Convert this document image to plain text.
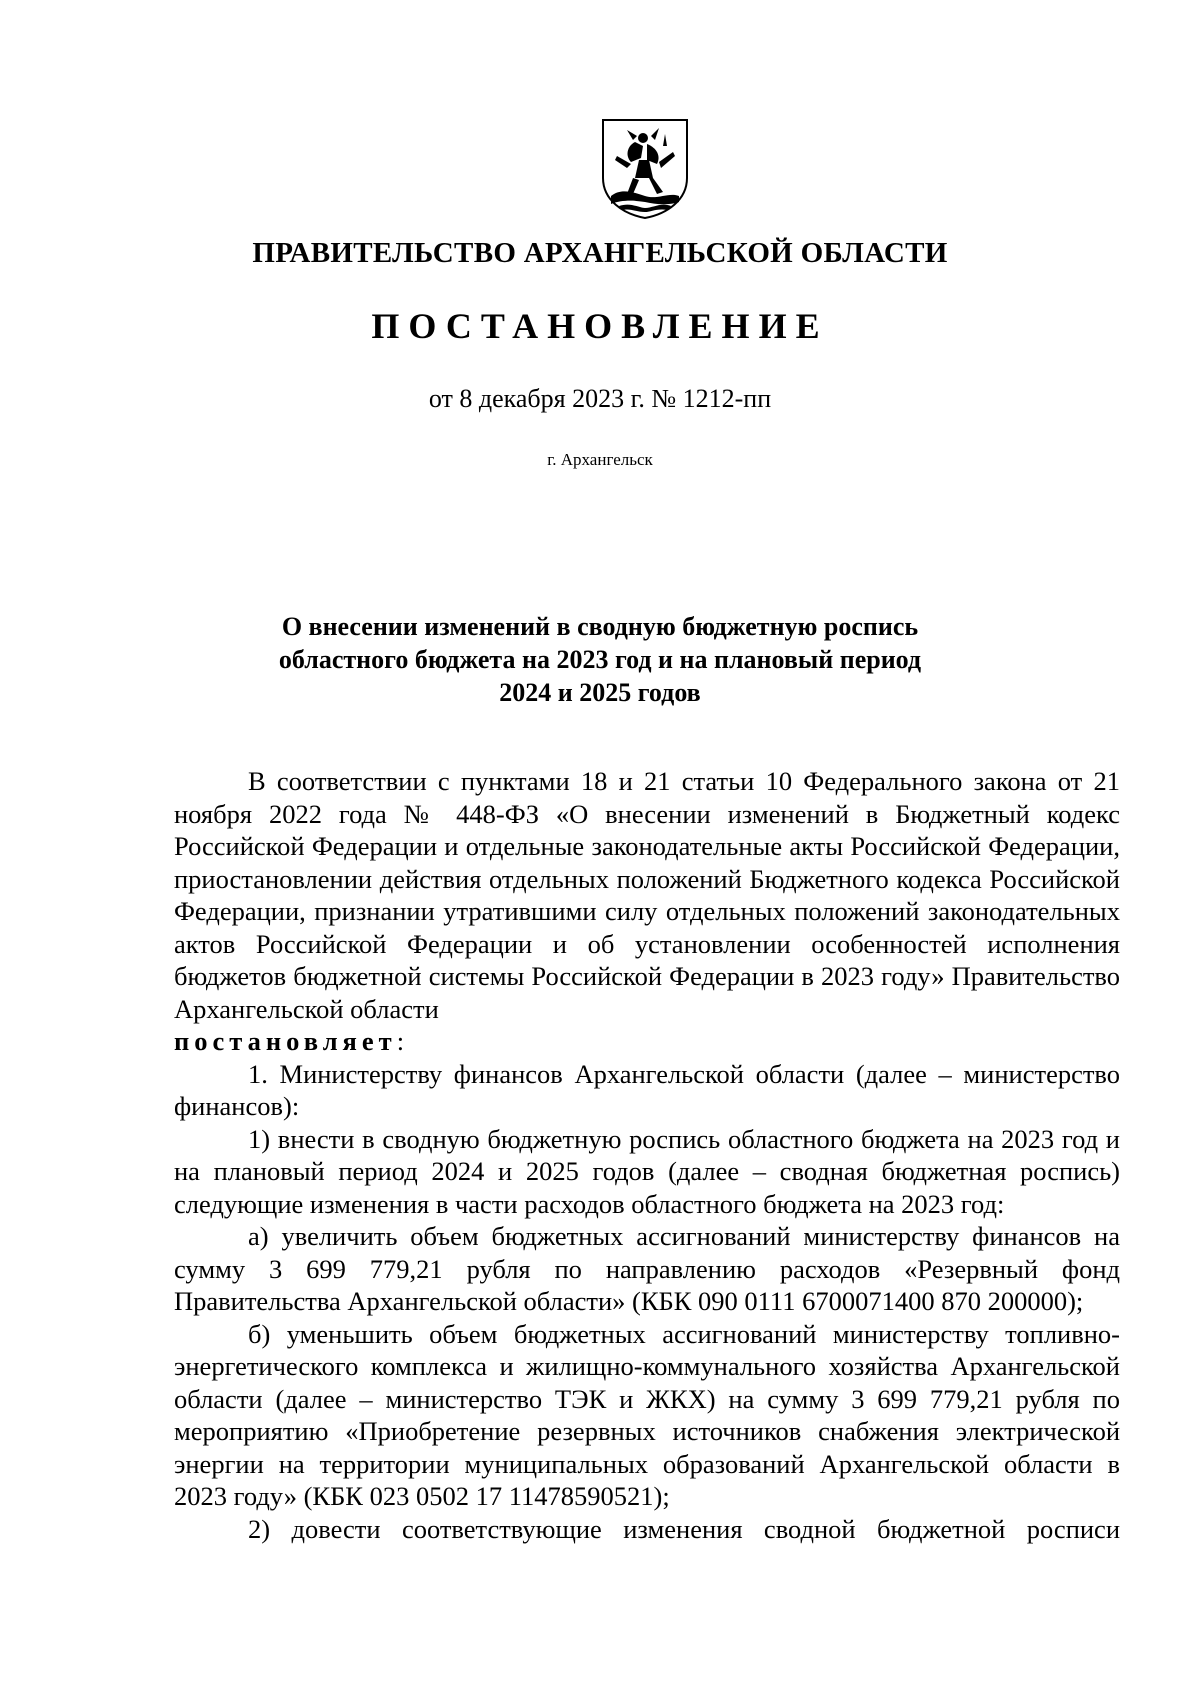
ПРАВИТЕЛЬСТВО АРХАНГЕЛЬСКОЙ ОБЛАСТИ
ПОСТАНОВЛЕНИЕ
от 8 декабря 2023 г. № 1212-пп
г. Архангельск
О внесении изменений в сводную бюджетную роспись
областного бюджета на 2023 год и на плановый период
2024 и 2025 годов

В соответствии с пунктами 18 и 21 статьи 10 Федерального закона от 21 ноября 2022 года № 448-ФЗ «О внесении изменений в Бюджетный кодекс Российской Федерации и отдельные законодательные акты Российской Федерации, приостановлении действия отдельных положений Бюджетного кодекса Российской Федерации, признании утратившими силу отдельных положений законодательных актов Российской Федерации и об установлении особенностей исполнения бюджетов бюджетной системы Российской Федерации в 2023 году» Правительство Архангельской области

постановляет:

1. Министерству финансов Архангельской области (далее – министерство финансов):

1) внести в сводную бюджетную роспись областного бюджета на 2023 год и на плановый период 2024 и 2025 годов (далее – сводная бюджетная роспись) следующие изменения в части расходов областного бюджета на 2023 год:

а) увеличить объем бюджетных ассигнований министерству финансов на сумму 3 699 779,21 рубля по направлению расходов «Резервный фонд Правительства Архангельской области» (КБК 090 0111 6700071400 870 200000);

б) уменьшить объем бюджетных ассигнований министерству топливно-энергетического комплекса и жилищно-коммунального хозяйства Архангельской области (далее – министерство ТЭК и ЖКХ) на сумму 3 699 779,21 рубля по мероприятию «Приобретение резервных источников снабжения электрической энергии на территории муниципальных образований Архангельской области в 2023 году» (КБК 023 0502 17 11478590521);

2) довести соответствующие изменения сводной бюджетной росписи
